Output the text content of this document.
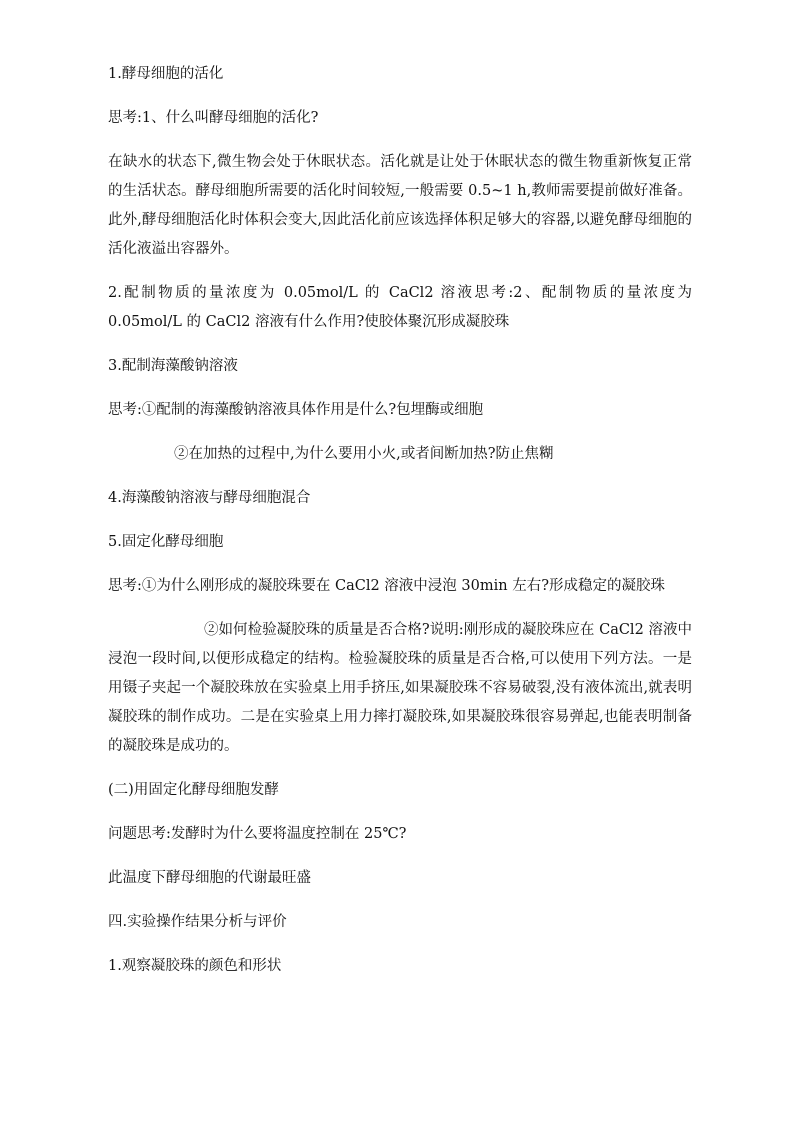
1.酵母细胞的活化

思考:1、什么叫酵母细胞的活化?

在缺水的状态下,微生物会处于休眠状态。活化就是让处于休眠状态的微生物重新恢复正常的生活状态。酵母细胞所需要的活化时间较短,一般需要 0.5~1 h,教师需要提前做好准备。此外,酵母细胞活化时体积会变大,因此活化前应该选择体积足够大的容器,以避免酵母细胞的活化液溢出容器外。

2.配制物质的量浓度为 0.05mol/L 的 CaCl2 溶液思考:2、配制物质的量浓度为 0.05mol/L 的 CaCl2 溶液有什么作用?使胶体聚沉形成凝胶珠

3.配制海藻酸钠溶液

思考:①配制的海藻酸钠溶液具体作用是什么?包埋酶或细胞

②在加热的过程中,为什么要用小火,或者间断加热?防止焦糊

4.海藻酸钠溶液与酵母细胞混合

5.固定化酵母细胞

思考:①为什么刚形成的凝胶珠要在 CaCl2 溶液中浸泡 30min 左右?形成稳定的凝胶珠

②如何检验凝胶珠的质量是否合格?说明:刚形成的凝胶珠应在 CaCl2 溶液中浸泡一段时间,以便形成稳定的结构。检验凝胶珠的质量是否合格,可以使用下列方法。一是用镊子夹起一个凝胶珠放在实验桌上用手挤压,如果凝胶珠不容易破裂,没有液体流出,就表明凝胶珠的制作成功。二是在实验桌上用力摔打凝胶珠,如果凝胶珠很容易弹起,也能表明制备的凝胶珠是成功的。

(二)用固定化酵母细胞发酵

问题思考:发酵时为什么要将温度控制在 25℃?

此温度下酵母细胞的代谢最旺盛

四.实验操作结果分析与评价

1.观察凝胶珠的颜色和形状
